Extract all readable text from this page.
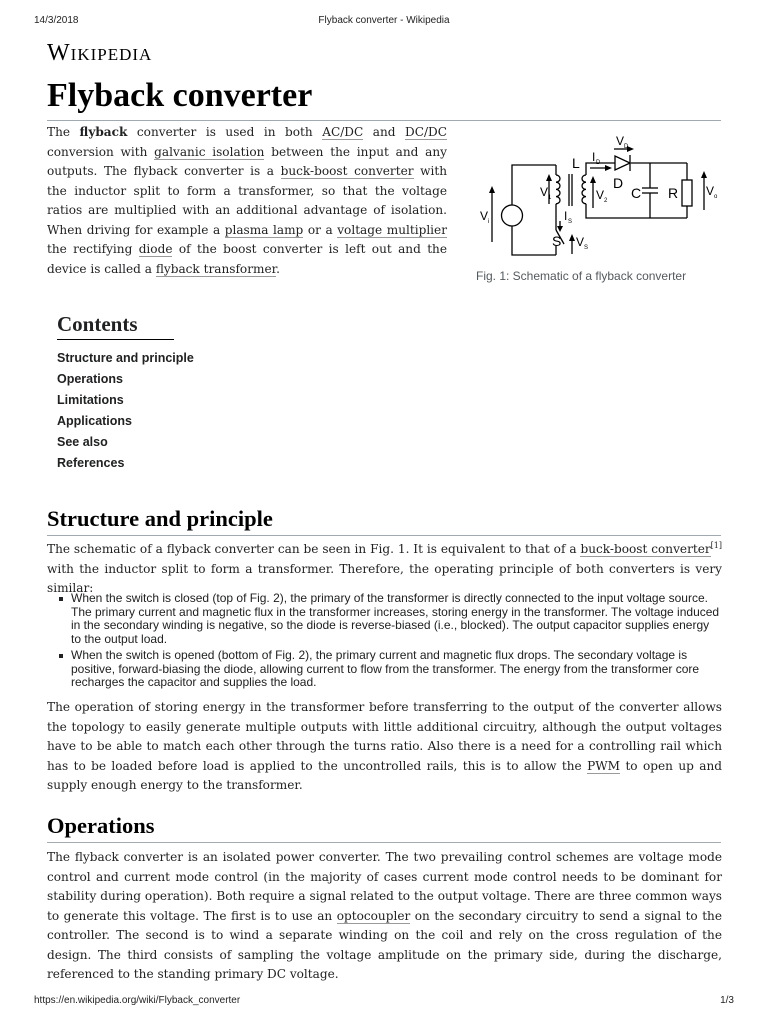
14/3/2018	Flyback converter - Wikipedia
Wikipedia
Flyback converter

The flyback converter is used in both AC/DC and DC/DC conversion with galvanic isolation between the input and any outputs. The flyback converter is a buck-boost converter with the inductor split to form a transformer, so that the voltage ratios are multiplied with an additional advantage of isolation. When driving for example a plasma lamp or a voltage multiplier the rectifying diode of the boost converter is left out and the device is called a flyback transformer.

V D
I D
L
D
V 1	V 2 C R V o
V i	I S
S V S
Fig. 1: Schematic of a flyback converter
Contents
Structure and principle
Operations
Limitations
Applications
See also
References
Structure and principle

The schematic of a flyback converter can be seen in Fig. 1. It is equivalent to that of a buck-boost converter[1] with the inductor split to form a transformer. Therefore, the operating principle of both converters is very similar:

When the switch is closed (top of Fig. 2), the primary of the transformer is directly connected to the input voltage source. The primary current and magnetic flux in the transformer increases, storing energy in the transformer. The voltage induced in the secondary winding is negative, so the diode is reverse-biased (i.e., blocked). The output capacitor supplies energy to the output load.
When the switch is opened (bottom of Fig. 2), the primary current and magnetic flux drops. The secondary voltage is positive, forward-biasing the diode, allowing current to flow from the transformer. The energy from the transformer core recharges the capacitor and supplies the load.

The operation of storing energy in the transformer before transferring to the output of the converter allows the topology to easily generate multiple outputs with little additional circuitry, although the output voltages have to be able to match each other through the turns ratio. Also there is a need for a controlling rail which has to be loaded before load is applied to the uncontrolled rails, this is to allow the PWM to open up and supply enough energy to the transformer.

Operations

The flyback converter is an isolated power converter. The two prevailing control schemes are voltage mode control and current mode control (in the majority of cases current mode control needs to be dominant for stability during operation). Both require a signal related to the output voltage. There are three common ways to generate this voltage. The first is to use an optocoupler on the secondary circuitry to send a signal to the controller. The second is to wind a separate winding on the coil and rely on the cross regulation of the design. The third consists of sampling the voltage amplitude on the primary side, during the discharge, referenced to the standing primary DC voltage.

https://en.wikipedia.org/wiki/Flyback_converter	1/3
